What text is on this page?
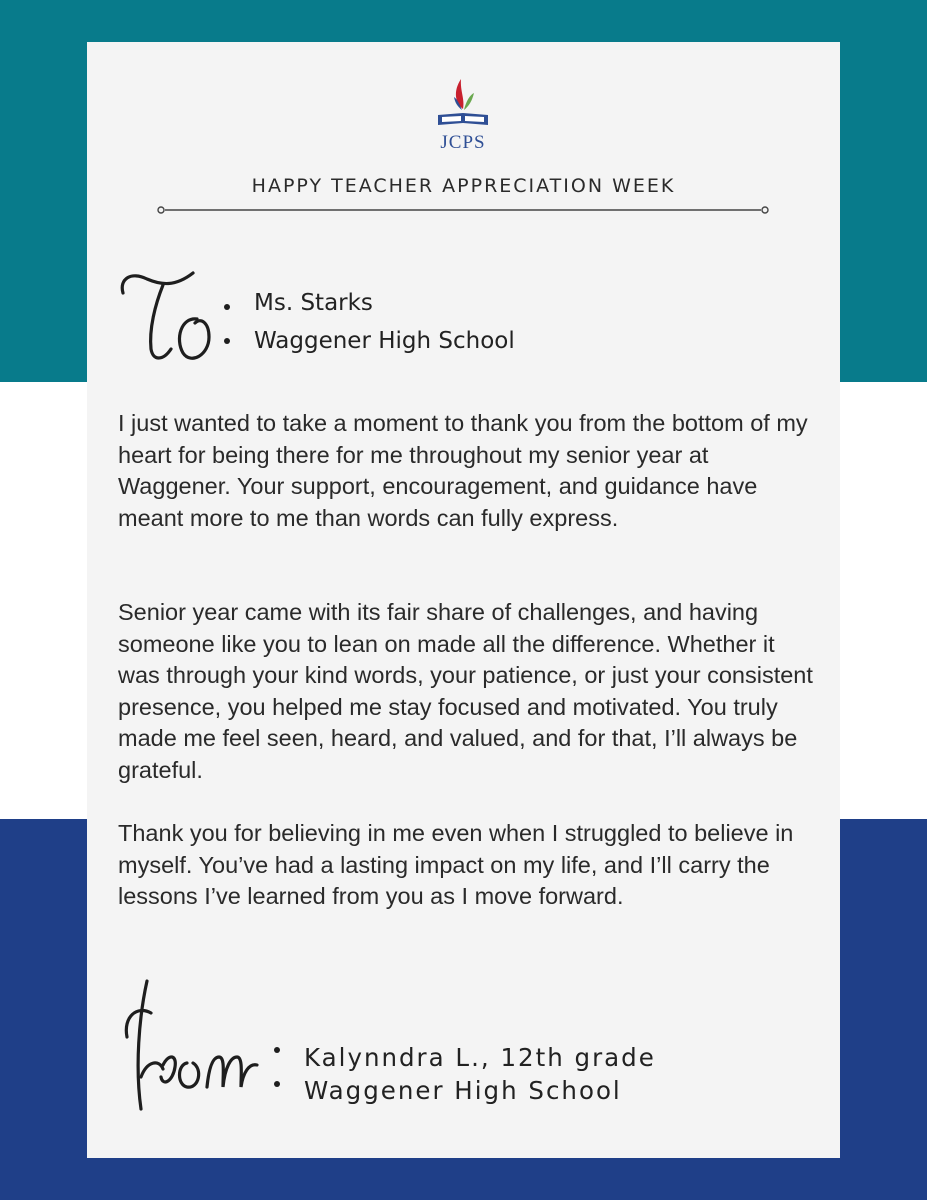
JCPS
HAPPY TEACHER APPRECIATION WEEK
Ms. Starks
Waggener High School

I just wanted to take a moment to thank you from the bottom of my heart for being there for me throughout my senior year at Waggener. Your support, encouragement, and guidance have meant more to me than words can fully express.

Senior year came with its fair share of challenges, and having someone like you to lean on made all the difference. Whether it was through your kind words, your patience, or just your consistent presence, you helped me stay focused and motivated. You truly made me feel seen, heard, and valued, and for that, I’ll always be grateful.

Thank you for believing in me even when I struggled to believe in myself. You’ve had a lasting impact on my life, and I’ll carry the lessons I’ve learned from you as I move forward.

Kalynndra L., 12th grade
Waggener High School
